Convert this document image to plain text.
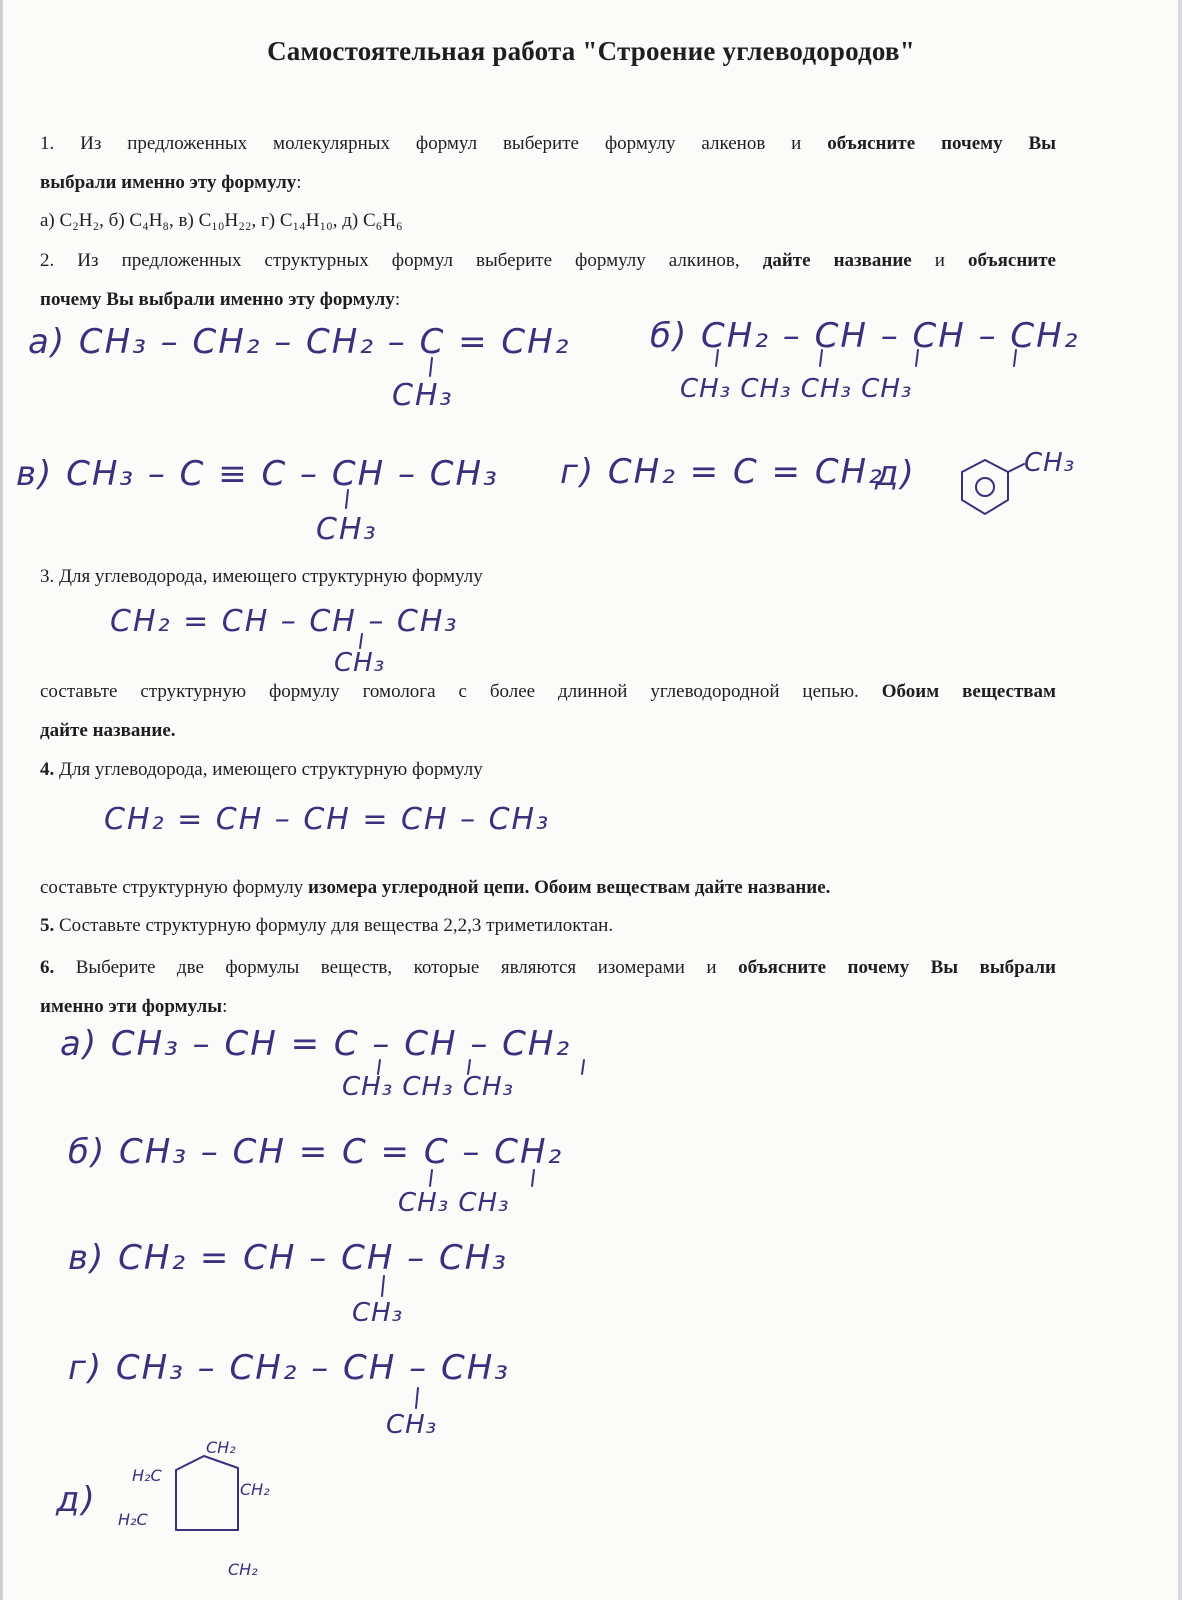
Самостоятельная работа "Строение углеводородов"
1. Из предложенных молекулярных формул выберите формулу алкенов и объясните почему Вы
выбрали именно эту формулу:
а) C₂H₂, б) C₄H₈, в) C₁₀H₂₂, г) C₁₄H₁₀, д) C₆H₆
2. Из предложенных структурных формул выберите формулу алкинов, дайте название и объясните
почему Вы выбрали именно эту формулу:
а) CH₃ – CH₂ – CH₂ – C = CH₂
CH₃
б) CH₂ – CH – CH – CH₂
CH₃ CH₃ CH₃ CH₃
в) CH₃ – C ≡ C – CH – CH₃
CH₃
г) CH₂ = C = CH₂
д)	CH₃
3. Для углеводорода, имеющего структурную формулу
CH₂ = CH – CH – CH₃
CH₃
составьте структурную формулу гомолога с более длинной углеводородной цепью. Обоим веществам
дайте название.
4. Для углеводорода, имеющего структурную формулу
CH₂ = CH – CH = CH – CH₃
составьте структурную формулу изомера углеродной цепи. Обоим веществам дайте название.
5. Составьте структурную формулу для вещества 2,2,3 триметилоктан.
6. Выберите две формулы веществ, которые являются изомерами и объясните почему Вы выбрали
именно эти формулы:
а) CH₃ – CH = C – CH – CH₂
CH₃ CH₃ CH₃
б) CH₃ – CH = C = C – CH₂
CH₃ CH₃
в) CH₂ = CH – CH – CH₃
CH₃
г) CH₃ – CH₂ – CH – CH₃
CH₃
д)
CH₂
H₂C
CH₂
H₂C
CH₂
